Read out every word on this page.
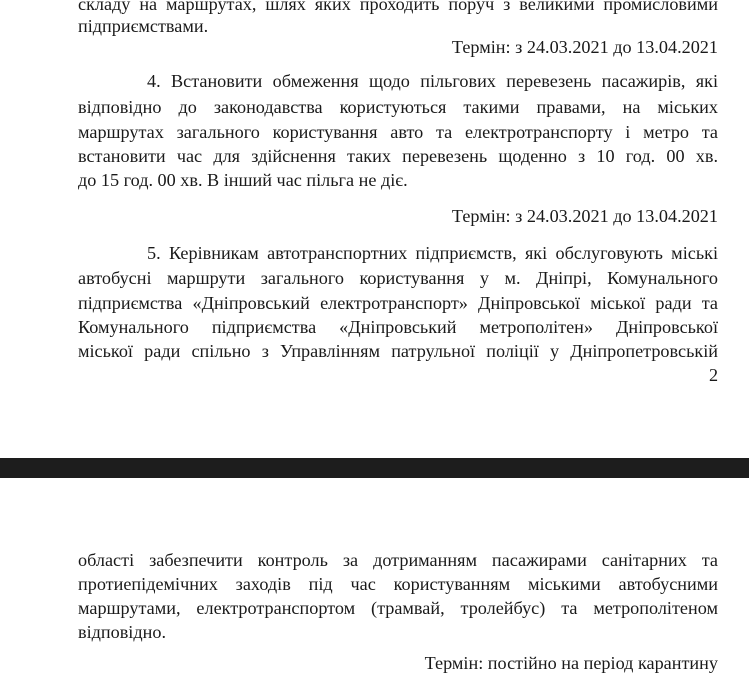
складу на маршрутах, шлях яких проходить поруч з великими промисловими
підприємствами.
Термін: з 24.03.2021 до 13.04.2021
4. Встановити обмеження щодо пільгових перевезень пасажирів, які
відповідно до законодавства користуються такими правами, на міських
маршрутах загального користування авто та електротранспорту і метро та
встановити час для здійснення таких перевезень щоденно з 10 год. 00 хв.
до 15 год. 00 хв. В інший час пільга не діє.
Термін: з 24.03.2021 до 13.04.2021
5. Керівникам автотранспортних підприємств, які обслуговують міські
автобусні маршрути загального користування у м. Дніпрі, Комунального
підприємства «Дніпровський електротранспорт» Дніпровської міської ради та
Комунального підприємства «Дніпровський метрополітен» Дніпровської
міської ради спільно з Управлінням патрульної поліції у Дніпропетровській
2
області забезпечити контроль за дотриманням пасажирами санітарних та
протиепідемічних заходів під час користуванням міськими автобусними
маршрутами, електротранспортом (трамвай, тролейбус) та метрополітеном
відповідно.
Термін: постійно на період карантину
